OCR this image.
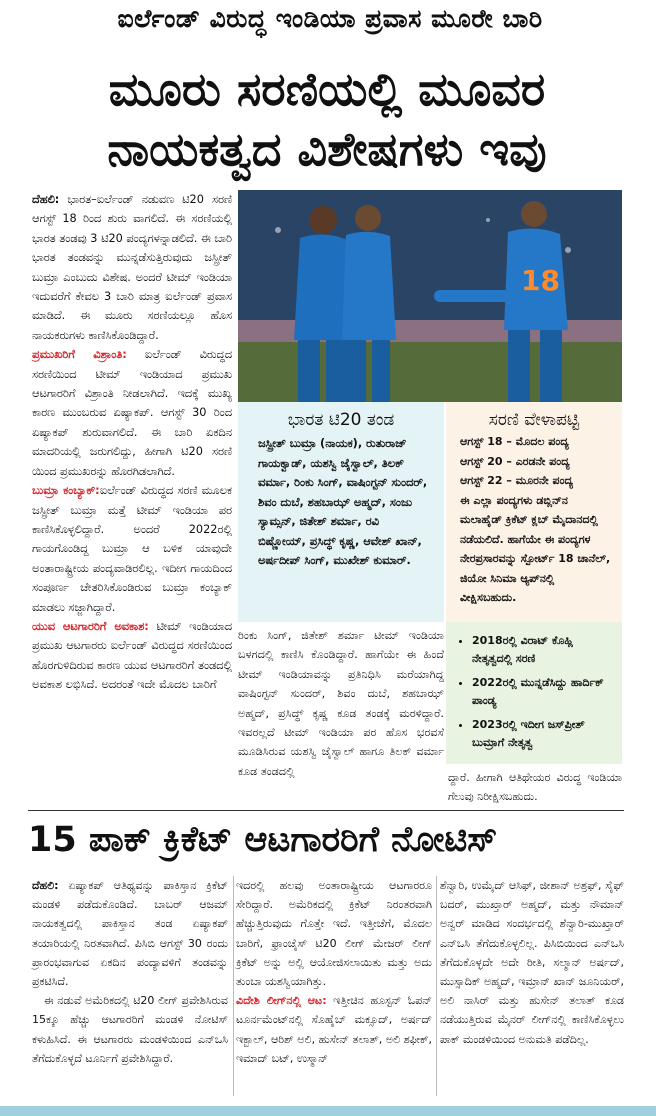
ಐರ್ಲೆಂಡ್ ವಿರುದ್ಧ ಇಂಡಿಯಾ ಪ್ರವಾಸ ಮೂರೇ ಬಾರಿ
ಮೂರು ಸರಣಿಯಲ್ಲಿ ಮೂವರ
ನಾಯಕತ್ವದ ವಿಶೇಷಗಳು ಇವು

ದೆಹಲಿ: ಭಾರತ–ಐರ್ಲೆಂಡ್ ನಡುವಣ ಟಿ20 ಸರಣಿ ಆಗಸ್ಟ್ 18 ರಿಂದ ಶುರು ವಾಗಲಿದೆ. ಈ ಸರಣಿಯಲ್ಲಿ ಭಾರತ ತಂಡವು 3 ಟಿ20 ಪಂದ್ಯಗಳನ್ನಾಡಲಿದೆ. ಈ ಬಾರಿ ಭಾರತ ತಂಡವನ್ನು ಮುನ್ನಡೆಸುತ್ತಿರುವುದು ಜಸ್ಪ್ರೀತ್ ಬುಮ್ರಾ ಎಂಬುದು ವಿಶೇಷ. ಅಂದರೆ ಟೀಮ್ ಇಂಡಿಯಾ ಇದುವರೆಗೆ ಕೇವಲ 3 ಬಾರಿ ಮಾತ್ರ ಐರ್ಲೆಂಡ್ ಪ್ರವಾಸ ಮಾಡಿದೆ. ಈ ಮೂರು ಸರಣಿಯಲ್ಲೂ ಹೊಸ ನಾಯಕರುಗಳು ಕಾಣಿಸಿಕೊಂಡಿದ್ದಾರೆ.

ಪ್ರಮುಖರಿಗೆ ವಿಶ್ರಾಂತಿ: ಐರ್ಲೆಂಡ್ ವಿರುದ್ಧದ ಸರಣಿಯಿಂದ ಟೀಮ್ ಇಂಡಿಯಾದ ಪ್ರಮುಖ ಆಟಗಾರರಿಗೆ ವಿಶ್ರಾಂತಿ ನೀಡಲಾಗಿದೆ. ಇದಕ್ಕೆ ಮುಖ್ಯ ಕಾರಣ ಮುಂಬರುವ ಏಷ್ಯಾಕಪ್. ಆಗಸ್ಟ್ 30 ರಿಂದ ಏಷ್ಯಾಕಪ್ ಶುರುವಾಗಲಿದೆ. ಈ ಬಾರಿ ಏಕದಿನ ಮಾದರಿಯಲ್ಲಿ ಜರುಗಲಿದ್ದು, ಹೀಗಾಗಿ ಟಿ20 ಸರಣಿ ಯಿಂದ ಪ್ರಮುಖರನ್ನು ಹೊರಗಿಡಲಾಗಿದೆ.

ಬುಮ್ರಾ ಕಂಬ್ಯಾಕ್:ಐರ್ಲೆಂಡ್ ವಿರುದ್ಧದ ಸರಣಿ ಮೂಲಕ ಜಸ್ಪ್ರೀತ್ ಬುಮ್ರಾ ಮತ್ತೆ ಟೀಮ್ ಇಂಡಿಯಾ ಪರ ಕಾಣಿಸಿಕೊಳ್ಳಲಿದ್ದಾರೆ. ಅಂದರೆ 2022ರಲ್ಲಿ ಗಾಯಗೊಂಡಿದ್ದ ಬುಮ್ರಾ ಆ ಬಳಿಕ ಯಾವುದೇ ಅಂತಾರಾಷ್ಟ್ರೀಯ ಪಂದ್ಯವಾಡಿರಲಿಲ್ಲ. ಇದೀಗ ಗಾಯದಿಂದ ಸಂಪೂರ್ಣ ಚೇತರಿಸಿಕೊಂಡಿರುವ ಬುಮ್ರಾ ಕಂಬ್ಯಾಕ್ ಮಾಡಲು ಸಜ್ಜಾಗಿದ್ದಾರೆ.

ಯುವ ಆಟಗಾರರಿಗೆ ಅವಕಾಶ: ಟೀಮ್ ಇಂಡಿಯಾದ ಪ್ರಮುಖ ಆಟಗಾರರು ಐರ್ಲೆಂಡ್ ವಿರುದ್ಧದ ಸರಣಿಯಿಂದ ಹೊರಗುಳಿದಿರುವ ಕಾರಣ ಯುವ ಆಟಗಾರರಿಗೆ ತಂಡದಲ್ಲಿ ಅವಕಾಶ ಲಭಿಸಿದೆ. ಅದರಂತೆ ಇದೇ ಮೊದಲ ಬಾರಿಗೆ

18
ಭಾರತ ಟಿ20 ತಂಡ
ಜಸ್ಪ್ರೀತ್ ಬುಮ್ರಾ (ನಾಯಕ), ರುತುರಾಜ್ ಗಾಯಕ್ವಾಡ್, ಯಶಸ್ವಿ ಜೈಸ್ವಾಲ್, ತಿಲಕ್ ವರ್ಮಾ, ರಿಂಕು ಸಿಂಗ್, ವಾಷಿಂಗ್ಟನ್ ಸುಂದರ್, ಶಿವಂ ದುಬೆ, ಶಹಬಾಝ್ ಅಹ್ಮದ್, ಸಂಜು ಸ್ಯಾಮ್ಸನ್, ಜಿತೇಶ್ ಶರ್ಮಾ, ರವಿ ಬಿಷ್ಣೋಯ್, ಪ್ರಸಿದ್ಧ್ ಕೃಷ್ಣ, ಆವೇಶ್ ಖಾನ್, ಅರ್ಷದೀಪ್ ಸಿಂಗ್, ಮುಖೇಶ್ ಕುಮಾರ್.
ಸರಣಿ ವೇಳಾಪಟ್ಟಿ
ಆಗಸ್ಟ್ 18 – ಮೊದಲ ಪಂದ್ಯ
ಆಗಸ್ಟ್ 20 – ಎರಡನೇ ಪಂದ್ಯ
ಆಗಸ್ಟ್ 22 – ಮೂರನೇ ಪಂದ್ಯ
ಈ ಎಲ್ಲಾ ಪಂದ್ಯಗಳು ಡಬ್ಲಿನ್‌ನ ಮಲಾಹೈಡ್ ಕ್ರಿಕೆಟ್ ಕ್ಲಬ್ ಮೈದಾನದಲ್ಲಿ ನಡೆಯಲಿದೆ. ಹಾಗೆಯೇ ಈ ಪಂದ್ಯಗಳ ನೇರಪ್ರಸಾರವನ್ನು ಸ್ಪೋರ್ಟ್ 18 ಚಾನೆಲ್, ಜಿಯೋ ಸಿನಿಮಾ ಆ್ಯಪ್‌ನಲ್ಲಿ ವೀಕ್ಷಿಸಬಹುದು.
• 2018ರಲ್ಲಿ ವಿರಾಟ್ ಕೊಹ್ಲಿ ನೇತೃತ್ವದಲ್ಲಿ ಸರಣಿ
• 2022ರಲ್ಲಿ ಮುನ್ನಡೆಸಿದ್ದು ಹಾರ್ದಿಕ್ ಪಾಂಡ್ಯ
• 2023ರಲ್ಲಿ ಇದೀಗ ಜಸ್‌ಪ್ರೀತ್ ಬುಮ್ರಾಗೆ ನೇತೃತ್ವ
ರಿಂಕು ಸಿಂಗ್, ಜಿತೇಶ್ ಶರ್ಮಾ ಟೀಮ್ ಇಂಡಿಯಾ ಬಳಗದಲ್ಲಿ ಕಾಣಿಸಿ ಕೊಂಡಿದ್ದಾರೆ. ಹಾಗೆಯೇ ಈ ಹಿಂದೆ ಟೀಮ್ ಇಂಡಿಯಾವನ್ನು ಪ್ರತಿನಿಧಿಸಿ ಮರೆಯಾಗಿದ್ದ ವಾಷಿಂಗ್ಟನ್ ಸುಂದರ್, ಶಿವಂ ದುಬೆ, ಶಹಬಾಝ್ ಅಹ್ಮದ್, ಪ್ರಸಿದ್ಧ್ ಕೃಷ್ಣ ಕೂಡ ತಂಡಕ್ಕೆ ಮರಳಿದ್ದಾರೆ. ಇವರಲ್ಲದೆ ಟೀಮ್ ಇಂಡಿಯಾ ಪರ ಹೊಸ ಭರವಸೆ ಮೂಡಿಸಿರುವ ಯಶಸ್ವಿ ಜೈಸ್ವಾಲ್ ಹಾಗೂ ತಿಲಕ್ ವರ್ಮಾ ಕೂಡ ತಂಡದಲ್ಲಿ	ದ್ದಾರೆ. ಹೀಗಾಗಿ ಆತಿಥೇಯರ ವಿರುದ್ಧ ಇಂಡಿಯಾ ಗೆಲುವು ನಿರೀಕ್ಷಿಸಬಹುದು.
15 ಪಾಕ್ ಕ್ರಿಕೆಟ್ ಆಟಗಾರರಿಗೆ ನೋಟಿಸ್

ದೆಹಲಿ: ಏಷ್ಯಾಕಪ್ ಆತಿಥ್ಯವನ್ನು ಪಾಕಿಸ್ತಾನ ಕ್ರಿಕೆಟ್ ಮಂಡಳಿ ಪಡೆದುಕೊಂಡಿದೆ. ಬಾಬರ್ ಆಜಮ್ ನಾಯಕತ್ವದಲ್ಲಿ ಪಾಕಿಸ್ತಾನ ತಂಡ ಏಷ್ಯಾಕಪ್ ತಯಾರಿಯಲ್ಲಿ ನಿರತವಾಗಿದೆ. ಪಿಸಿಬಿ ಆಗಸ್ಟ್ 30 ರಂದು ಪ್ರಾರಂಭವಾಗುವ ಏಕದಿನ ಪಂದ್ಯಾವಳಿಗೆ ತಂಡವನ್ನು ಪ್ರಕಟಿಸಿದೆ.

ಈ ನಡುವೆ ಅಮೆರಿಕದಲ್ಲಿ ಟಿ20 ಲೀಗ್ ಪ್ರವೇಶಿಸಿರುವ 15ಕ್ಕೂ ಹೆಚ್ಚು ಆಟಗಾರರಿಗೆ ಮಂಡಳಿ ನೋಟಿಸ್ ಕಳುಹಿಸಿದೆ. ಈ ಆಟಗಾರರು ಮಂಡಳಿಯಿಂದ ಎನ್‌ಒಸಿ ತೆಗೆದುಕೊಳ್ಳದೆ ಟೂರ್ನಿಗೆ ಪ್ರವೇಶಿಸಿದ್ದಾರೆ.

ಇದರಲ್ಲಿ ಹಲವು ಅಂತಾರಾಷ್ಟ್ರೀಯ ಆಟಗಾರರೂ ಸೇರಿದ್ದಾರೆ. ಅಮೆರಿಕದಲ್ಲಿ ಕ್ರಿಕೆಟ್ ನಿರಂತರವಾಗಿ ಹೆಚ್ಚುತ್ತಿರುವುದು ಗೊತ್ತೇ ಇದೆ. ಇತ್ತೀಚೆಗೆ, ಮೊದಲ ಬಾರಿಗೆ, ಫ್ರಾಂಚೈಸ್ ಟಿ20 ಲೀಗ್ ಮೇಜರ್ ಲೀಗ್ ಕ್ರಿಕೆಟ್ ಅನ್ನು ಅಲ್ಲಿ ಆಯೋಜಿಸಲಾಯಿತು ಮತ್ತು ಅದು ತುಂಬಾ ಯಶಸ್ವಿಯಾಗಿತ್ತು.

ವಿದೇಶಿ ಲೀಗ್‌ನಲ್ಲಿ ಆಟ: ಇತ್ತೀಚಿನ ಹೂಸ್ಟನ್ ಓಪನ್ ಟೂರ್ನಮೆಂಟ್‌ನಲ್ಲಿ ಸೊಹೈಬ್ ಮಕ್ಸೂದ್, ಅರ್ಷದ್ ಇಕ್ಬಾಲ್, ಆರಿಶ್ ಅಲಿ, ಹುಸೇನ್ ತಲಾತ್, ಅಲಿ ಶಫೀಕ್, ಇಮಾದ್ ಬಟ್, ಉಸ್ಮಾನ್

ಶೆನ್ವಾರಿ, ಉಮೈದ್ ಆಸಿಫ್, ಜೀಶಾನ್ ಅಶ್ರಫ್, ಸೈಫ್ ಬದರ್, ಮುಖ್ತಾರ್ ಅಹ್ಮದ್, ಮತ್ತು ನೌಮಾನ್ ಅನ್ವರ್ ಮಾಡಿದ ಸಂದರ್ಭದಲ್ಲಿ ಶೆನ್ವಾರಿ-ಮುಖ್ತಾರ್ ಎನ್‌ಒಸಿ ತೆಗೆದುಕೊಳ್ಳಲಿಲ್ಲ. ಪಿಸಿಬಿಯಿಂದ ಎನ್‌ಒಸಿ ತೆಗೆದುಕೊಳ್ಳದೇ ಅದೇ ರೀತಿ, ಸಲ್ಮಾನ್ ಅರ್ಷದ್, ಮುಸ್ಸಾದಿಕ್ ಅಹ್ಮದ್, ಇಮ್ರಾನ್ ಖಾನ್ ಜೂನಿಯರ್, ಅಲಿ ನಾಸಿರ್ ಮತ್ತು ಹುಸೇನ್ ತಲಾತ್ ಕೂಡ ನಡೆಯುತ್ತಿರುವ ಮೈನರ್ ಲೀಗ್‌ನಲ್ಲಿ ಕಾಣಿಸಿಕೊಳ್ಳಲು ಪಾಕ್ ಮಂಡಳಿಯಿಂದ ಅನುಮತಿ ಪಡೆದಿಲ್ಲ.
